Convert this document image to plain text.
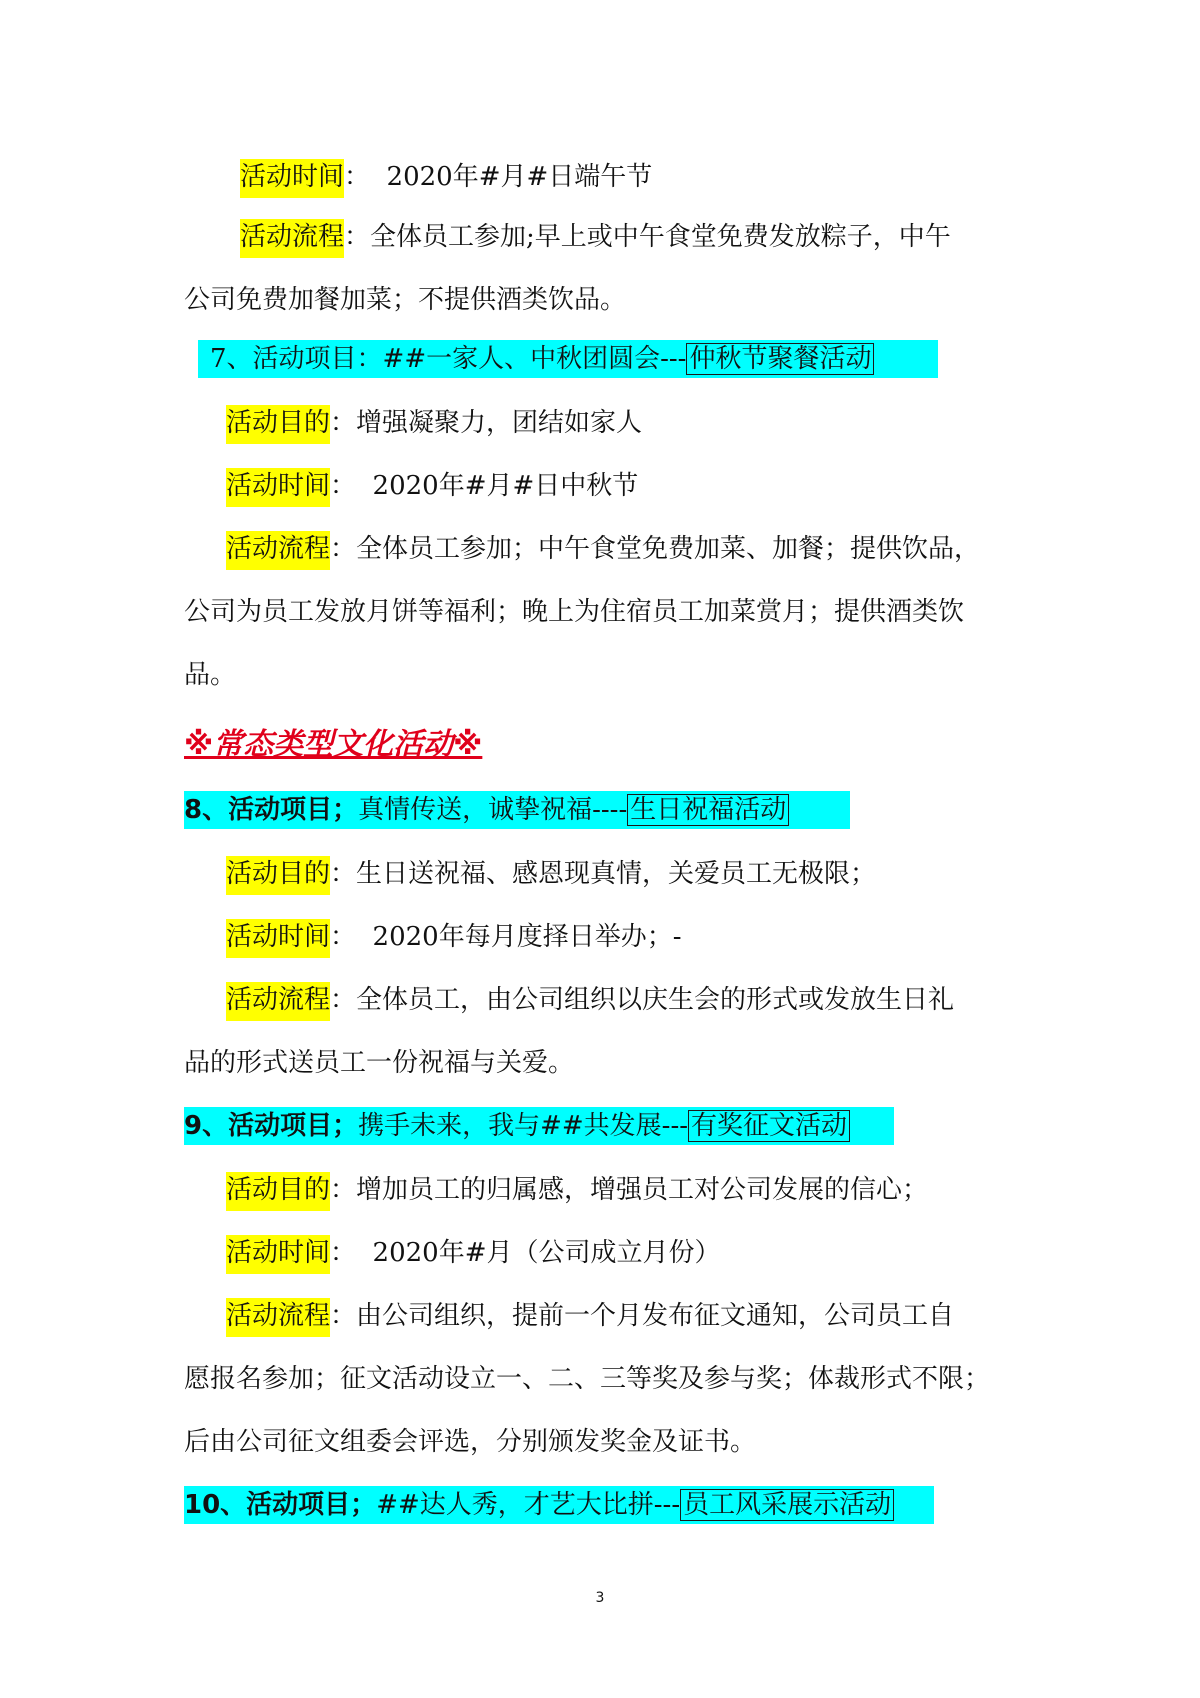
活动时间：  2020年#月#日端午节
活动流程：全体员工参加;早上或中午食堂免费发放粽子，中午
公司免费加餐加菜；不提供酒类饮品。
7、活动项目：##一家人、中秋团圆会--- 仲秋节聚餐活动
活动目的：增强凝聚力，团结如家人
活动时间：  2020年#月#日中秋节
活动流程：全体员工参加；中午食堂免费加菜、加餐；提供饮品，
公司为员工发放月饼等福利；晚上为住宿员工加菜赏月；提供酒类饮
品。
※常态类型文化活动※
8、活动项目；真情传送，诚挚祝福---- 生日祝福活动
活动目的：生日送祝福、感恩现真情，关爱员工无极限；
活动时间：  2020年每月度择日举办；-
活动流程：全体员工，由公司组织以庆生会的形式或发放生日礼
品的形式送员工一份祝福与关爱。
9、活动项目；携手未来，我与##共发展--- 有奖征文活动
活动目的：增加员工的归属感，增强员工对公司发展的信心；
活动时间：  2020年#月（公司成立月份）
活动流程：由公司组织，提前一个月发布征文通知，公司员工自
愿报名参加；征文活动设立一、二、三等奖及参与奖；体裁形式不限；
后由公司征文组委会评选，分别颁发奖金及证书。
10、活动项目；##达人秀，才艺大比拼--- 员工风采展示活动
3
